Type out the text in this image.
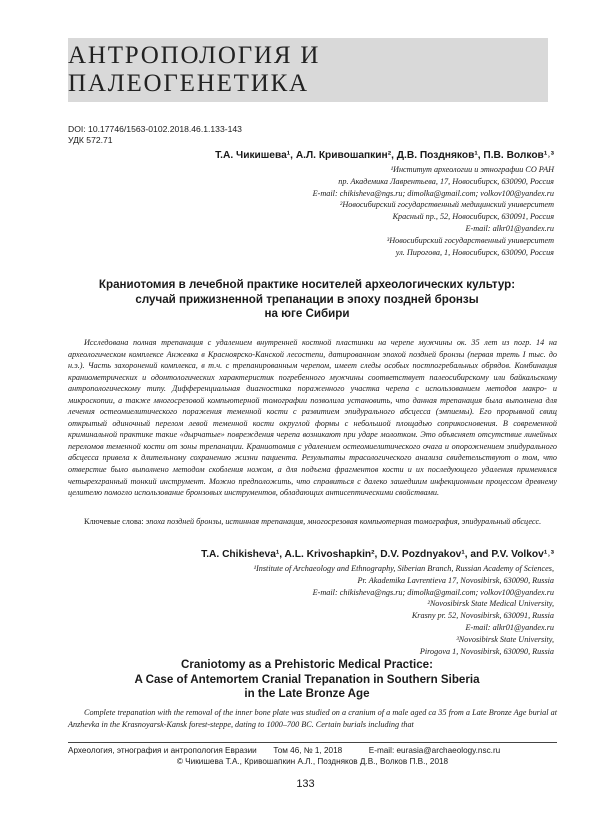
АНТРОПОЛОГИЯ И ПАЛЕОГЕНЕТИКА
DOI: 10.17746/1563-0102.2018.46.1.133-143
УДК 572.71
Т.А. Чикишева¹, А.Л. Кривошапкин², Д.В. Поздняков¹, П.В. Волков¹˒³
¹Институт археологии и этнографии СО РАН
пр. Академика Лаврентьева, 17, Новосибирск, 630090, Россия
E-mail: chikisheva@ngs.ru; dimolka@gmail.com; volkov100@yandex.ru
²Новосибирский государственный медицинский университет
Красный пр., 52, Новосибирск, 630091, Россия
E-mail: alkr01@yandex.ru
³Новосибирский государственный университет
ул. Пирогова, 1, Новосибирск, 630090, Россия
Краниотомия в лечебной практике носителей археологических культур:
случай прижизненной трепанации в эпоху поздней бронзы
на юге Сибири

Исследована полная трепанация с удалением внутренней костной пластинки на черепе мужчины ок. 35 лет из погр. 14 на археологическом комплексе Анжевка в Красноярско-Канской лесостепи, датированном эпохой поздней бронзы (первая треть I тыс. до н.э.). Часть захоронений комплекса, в т.ч. с трепанированным черепом, имеет следы особых постпогребальных обрядов. Комбинация краниометрических и одонтологических характеристик погребенного мужчины соответствует палеосибирскому или байкальскому антропологическому типу. Дифференциальная диагностика пораженного участка черепа с использованием методов макро- и микроскопии, а также многосрезовой компьютерной томографии позволила установить, что данная трепанация была выполнена для лечения остеомиелитического поражения теменной кости с развитием эпидурального абсцесса (эмпиемы). Его прорывной свищ открытый одиночный перелом левой теменной кости округлой формы с небольшой площадью соприкосновения. В современной криминальной практике такие «дырчатые» повреждения черепа возникают при ударе молотком. Это объясняет отсутствие линейных переломов теменной кости от зоны трепанации. Краниотомия с удалением остеомиелитического очага и опорожнением эпидурального абсцесса привела к длительному сохранению жизни пациента. Результаты трасологического анализа свидетельствуют о том, что отверстие было выполнено методом скобления ножом, а для подъема фрагментов кости и их последующего удаления применялся четырехгранный тонкий инструмент. Можно предположить, что справиться с далеко зашедшим инфекционным процессом древнему целителю помогло использование бронзовых инструментов, обладающих антисептическими свойствами.

Ключевые слова: эпоха поздней бронзы, истинная трепанация, многосрезовая компьютерная томография, эпидуральный абсцесс.

T.A. Chikisheva¹, A.L. Krivoshapkin², D.V. Pozdnyakov¹, and P.V. Volkov¹˒³
¹Institute of Archaeology and Ethnography, Siberian Branch, Russian Academy of Sciences,
Pr. Akademika Lavrentieva 17, Novosibirsk, 630090, Russia
E-mail: chikisheva@ngs.ru; dimolka@gmail.com; volkov100@yandex.ru
²Novosibirsk State Medical University,
Krasny pr. 52, Novosibirsk, 630091, Russia
E-mail: alkr01@yandex.ru
³Novosibirsk State University,
Pirogova 1, Novosibirsk, 630090, Russia
Craniotomy as a Prehistoric Medical Practice:
A Case of Antemortem Cranial Trepanation in Southern Siberia
in the Late Bronze Age

Complete trepanation with the removal of the inner bone plate was studied on a cranium of a male aged ca 35 from a Late Bronze Age burial at Anzhevka in the Krasnoyarsk-Kansk forest-steppe, dating to 1000–700 BC. Certain burials including that

Археология, этнография и антропология Евразии Том 46, № 1, 2018	E-mail: eurasia@archaeology.nsc.ru
© Чикишева Т.А., Кривошапкин А.Л., Поздняков Д.В., Волков П.В., 2018
133
